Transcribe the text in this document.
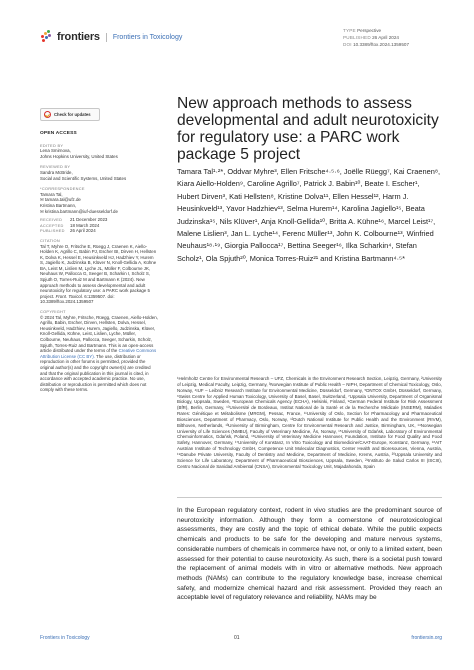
frontiers	Frontiers in Toxicology
TYPE Perspective
PUBLISHED 26 April 2024
DOI 10.3389/ftox.2024.1359507
Check for updates
OPEN ACCESS
EDITED BY
Lena Smirnova,
Johns Hopkins University, United States
REVIEWED BY
Sandra McBride,
Social and Scientific Systems, United States
*CORRESPONDENCE
Tamara Tal,
✉ tamara.tal@ufz.de
Kristina Bartmann,
✉ kristina.bartmann@iuf-duesseldorf.de
RECEIVED	21 December 2023
ACCEPTED	18 March 2024
PUBLISHED	26 April 2024
CITATION
Tal T, Myhre O, Fritsche E, Rüegg J, Craenen K, Aiello-Holden K, Agrillo C, Babin PJ, Escher BI, Dirven H, Hellsten K, Dolva K, Hessel E, Heusinkveld HJ, Hadzhiev Y, Hurem S, Jagiello K, Judzinska B, Klüver N, Knoll-Gellida A, Kühne BA, Leist M, Lislien M, Lyche JL, Müller F, Colbourne JK, Neuhaus W, Pallocca G, Seeger B, Scharkin I, Scholz S, Spjuth O, Torres-Ruiz M and Bartmann K (2024). New approach methods to assess developmental and adult neurotoxicity for regulatory use: a PARC work package 5 project. Front. Toxicol. 6:1359507. doi: 10.3389/ftox.2024.1359507
COPYRIGHT
© 2024 Tal, Myhre, Fritsche, Rüegg, Craenen, Aiello-Holden, Agrillo, Babin, Escher, Dirven, Hellsten, Dolva, Hessel, Heusinkveld, Hadzhiev, Hurem, Jagiello, Judzinska, Klüver, Knoll-Gellida, Kühne, Leist, Lislien, Lyche, Müller, Colbourne, Neuhaus, Pallocca, Seeger, Scharkin, Scholz, Spjuth, Torres-Ruiz and Bartmann. This is an open-access article distributed under the terms of the Creative Commons Attribution License (CC BY). The use, distribution or reproduction in other forums is permitted, provided the original author(s) and the copyright owner(s) are credited and that the original publication in this journal is cited, in accordance with accepted academic practice. No use, distribution or reproduction is permitted which does not comply with these terms.
New approach methods to assess developmental and adult neurotoxicity for regulatory use: a PARC work package 5 project
Tamara Tal¹·²*, Oddvar Myhre³, Ellen Fritsche⁴·⁵·⁶, Joëlle Rüegg⁷, Kai Craenen⁸, Kiara Aiello-Holden⁹, Caroline Agrillo⁷, Patrick J. Babin¹⁰, Beate I. Escher¹, Hubert Dirven³, Kati Hellsten⁸, Kristine Dolva¹¹, Ellen Hessel¹², Harm J. Heusinkveld¹³, Yavor Hadzhiev¹³, Selma Hurem¹⁴, Karolina Jagiello¹⁵, Beata Judzinska¹⁵, Nils Klüver¹, Anja Knoll-Gellida¹⁰, Britta A. Kühne¹⁶, Marcel Leist¹⁷, Malene Lislien³, Jan L. Lyche¹⁴, Ferenc Müller¹³, John K. Colbourne¹³, Winfried Neuhaus¹⁸·¹⁹, Giorgia Pallocca¹⁷, Bettina Seeger¹⁶, Ilka Scharkin⁴, Stefan Scholz¹, Ola Spjuth²⁰, Monica Torres-Ruiz²¹ and Kristina Bartmann⁴·⁵*
¹Helmholtz Centre for Environmental Research – UFZ, Chemicals in the Environment Research Section, Leipzig, Germany, ²University of Leipzig, Medical Faculty, Leipzig, Germany, ³Norwegian Institute of Public Health – NIPH, Department of Chemical Toxicology, Oslo, Norway, ⁴IUF – Leibniz Research Institute for Environmental Medicine, Düsseldorf, Germany, ⁵DNTOX GmbH, Düsseldorf, Germany, ⁶Swiss Centre for Applied Human Toxicology, University of Basel, Basel, Switzerland, ⁷Uppsala University, Department of Organismal Biology, Uppsala, Sweden, ⁸European Chemicals Agency (ECHA), Helsinki, Finland, ⁹German Federal Institute for Risk Assessment (BfR), Berlin, Germany, ¹⁰Université de Bordeaux, Institut National de la Santé et de la Recherche Médicale (INSERM), Maladies Rares: Génétique et Métabolisme (MRGM), Pessac, France, ¹¹University of Oslo, Section for Pharmacology and Pharmaceutical Biosciences, Department of Pharmacy, Oslo, Norway, ¹²Dutch National Institute for Public Health and the Environment (RIVM), Bilthoven, Netherlands, ¹³University of Birmingham, Centre for Environmental Research and Justice, Birmingham, UK, ¹⁴Norwegian University of Life Sciences (NMBU), Faculty of Veterinary Medicine, Ås, Norway, ¹⁵University of Gdańsk, Laboratory of Environmental Chemoinformatics, Gdańsk, Poland, ¹⁶University of Veterinary Medicine Hannover, Foundation, Institute for Food Quality and Food Safety, Hannover, Germany, ¹⁷University of Konstanz, In Vitro Toxicology and Biomedicine/CAAT-Europe, Konstanz, Germany, ¹⁸AIT Austrian Institute of Technology GmbH, Competence Unit Molecular Diagnostics, Center Health and Bioresources, Vienna, Austria, ¹⁹Danube Private University, Faculty of Dentistry and Medicine, Department of Medicine, Krems, Austria, ²⁰Uppsala University and Science for Life Laboratory, Department of Pharmaceutical Biosciences, Uppsala, Sweden, ²¹Instituto de Salud Carlos III (ISCIII), Centro Nacional de Sanidad Ambiental (CNSA), Environmental Toxicology Unit, Majadahonda, Spain

In the European regulatory context, rodent in vivo studies are the predominant source of neurotoxicity information. Although they form a cornerstone of neurotoxicological assessments, they are costly and the topic of ethical debate. While the public expects chemicals and products to be safe for the developing and mature nervous systems, considerable numbers of chemicals in commerce have not, or only to a limited extent, been assessed for their potential to cause neurotoxicity. As such, there is a societal push toward the replacement of animal models with in vitro or alternative methods. New approach methods (NAMs) can contribute to the regulatory knowledge base, increase chemical safety, and modernize chemical hazard and risk assessment. Provided they reach an acceptable level of regulatory relevance and reliability, NAMs may be

Frontiers in Toxicology	01	frontiersin.org
